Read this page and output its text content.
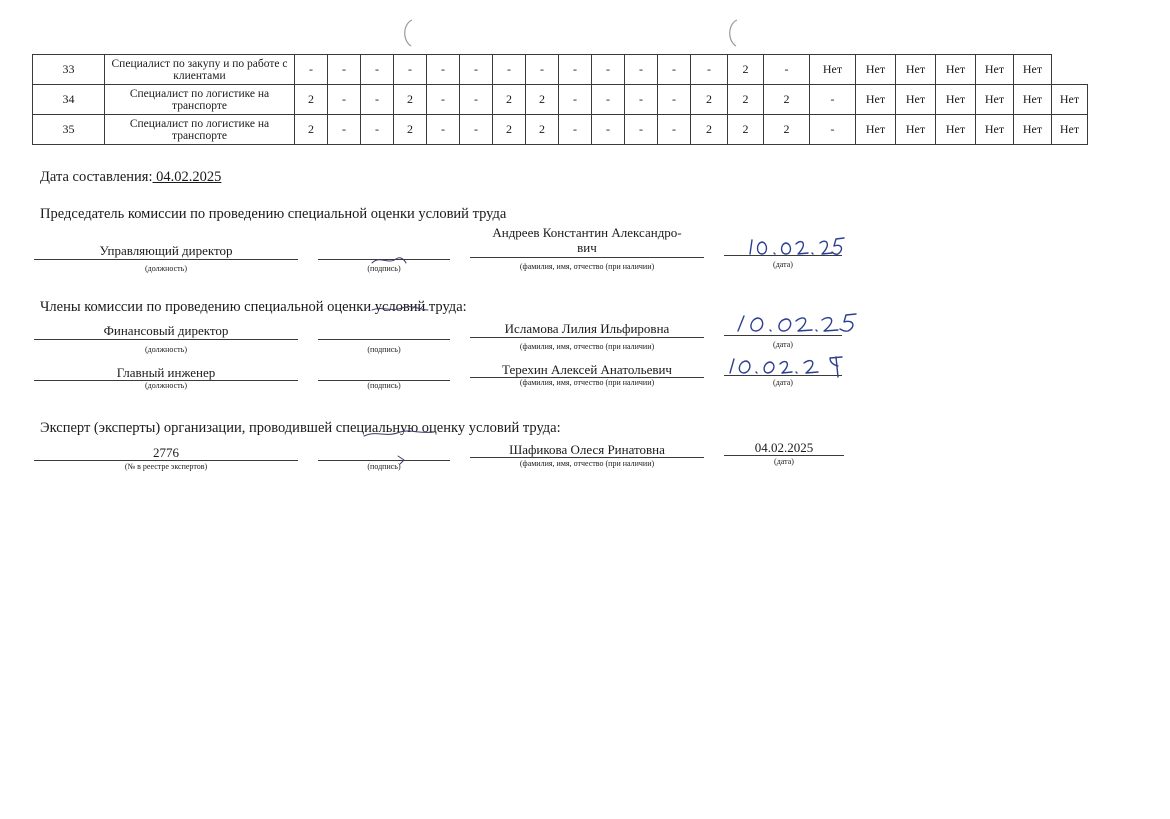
33	Специалист по закупу и по работе с клиентами	-	-	-	-	-	-	-	-	-	-	-	-	-	2	-	Нет	Нет	Нет	Нет	Нет	Нет	
34	Специалист по логистике на транспорте	2	-	-	2	-	-	2	2	-	-	-	-	2	2	2	-	Нет	Нет	Нет	Нет	Нет	Нет
35	Специалист по логистике на транспорте	2	-	-	2	-	-	2	2	-	-	-	-	2	2	2	-	Нет	Нет	Нет	Нет	Нет	Нет
Дата составления: 04.02.2025
Председатель комиссии по проведению специальной оценки условий труда
Управляющий директор
(должность)	(подпись)
Андреев Константин Александро-
вич
(фамилия, имя, отчество (при наличии)	(дата)
Члены комиссии по проведению специальной оценки условий труда:
Финансовый директор
(должность)	(подпись)
Исламова Лилия Ильфировна
(фамилия, имя, отчество (при наличии)	(дата)
Главный инженер
(должность)	(подпись)
Терехин Алексей Анатольевич
(фамилия, имя, отчество (при наличии)	(дата)
Эксперт (эксперты) организации, проводившей специальную оценку условий труда:
2776
(№ в реестре экспертов)	(подпись)
Шафикова Олеся Ринатовна
(фамилия, имя, отчество (при наличии)
04.02.2025
(дата)
